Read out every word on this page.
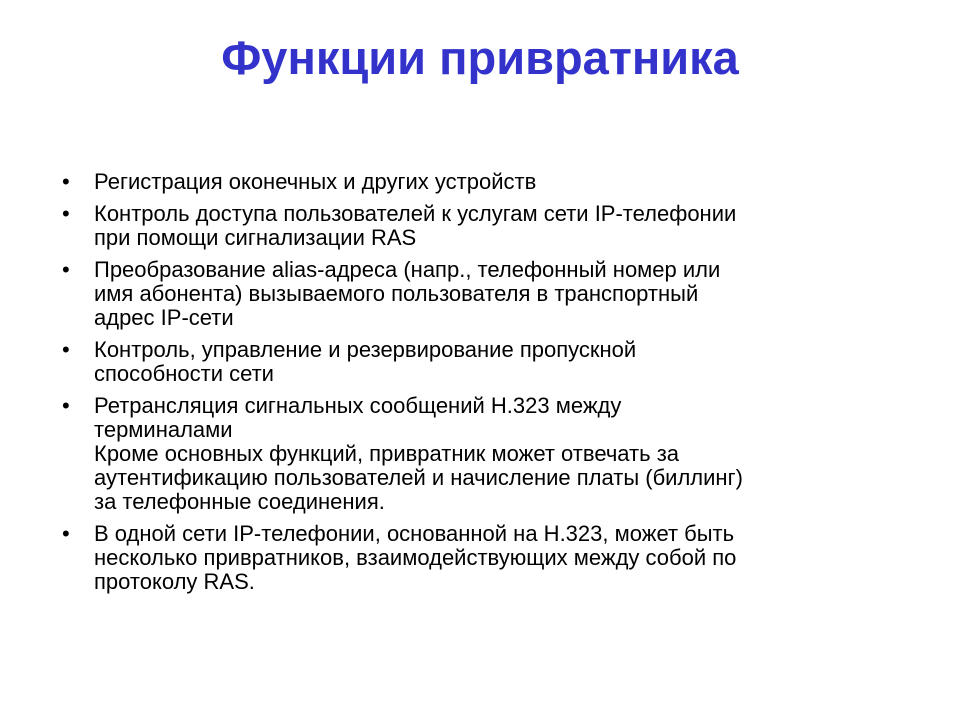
Функции привратника
• Регистрация оконечных и других устройств
• Контроль доступа пользователей к услугам сети IP-телефонии
при помощи сигнализации RAS
• Преобразование alias-адреса (напр., телефонный номер или
имя абонента) вызываемого пользователя в транспортный
адрес IP-сети
• Контроль, управление и резервирование пропускной
способности сети
• Ретрансляция сигнальных сообщений H.323 между
терминалами
Кроме основных функций, привратник может отвечать за
аутентификацию пользователей и начисление платы (биллинг)
за телефонные соединения.
• В одной сети IP-телефонии, основанной на H.323, может быть
несколько привратников, взаимодействующих между собой по
протоколу RAS.
